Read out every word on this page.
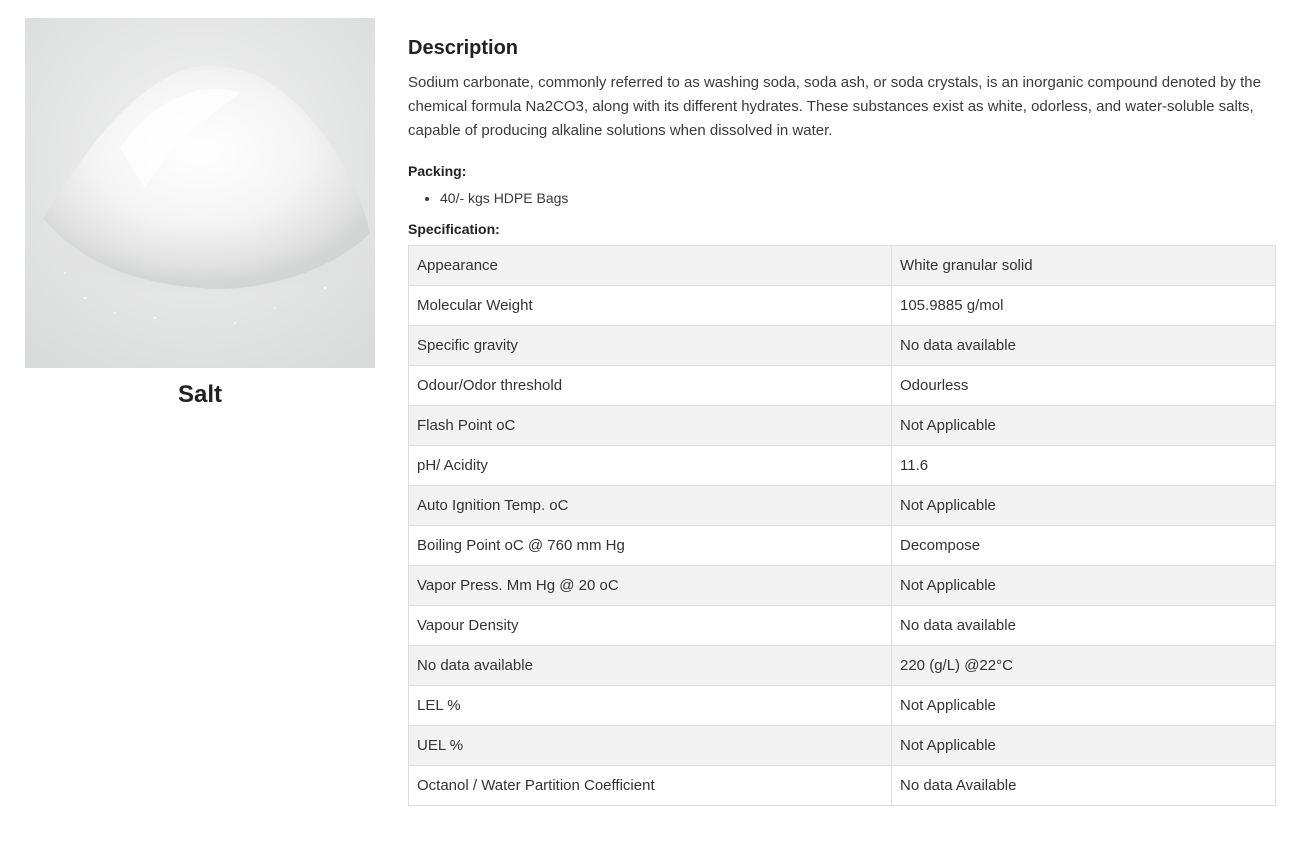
Salt
Description

Sodium carbonate, commonly referred to as washing soda, soda ash, or soda crystals, is an inorganic compound denoted by the chemical formula Na2CO3, along with its different hydrates. These substances exist as white, odorless, and water-soluble salts, capable of producing alkaline solutions when dissolved in water.

Packing:
• 40/- kgs HDPE Bags
Specification:
Appearance	White granular solid
Molecular Weight	105.9885 g/mol
Specific gravity	No data available
Odour/Odor threshold	Odourless
Flash Point oC	Not Applicable
pH/ Acidity	11.6
Auto Ignition Temp. oC	Not Applicable
Boiling Point oC @ 760 mm Hg	Decompose
Vapor Press. Mm Hg @ 20 oC	Not Applicable
Vapour Density	No data available
No data available	220 (g/L) @22°C
LEL %	Not Applicable
UEL %	Not Applicable
Octanol / Water Partition Coefficient	No data Available
